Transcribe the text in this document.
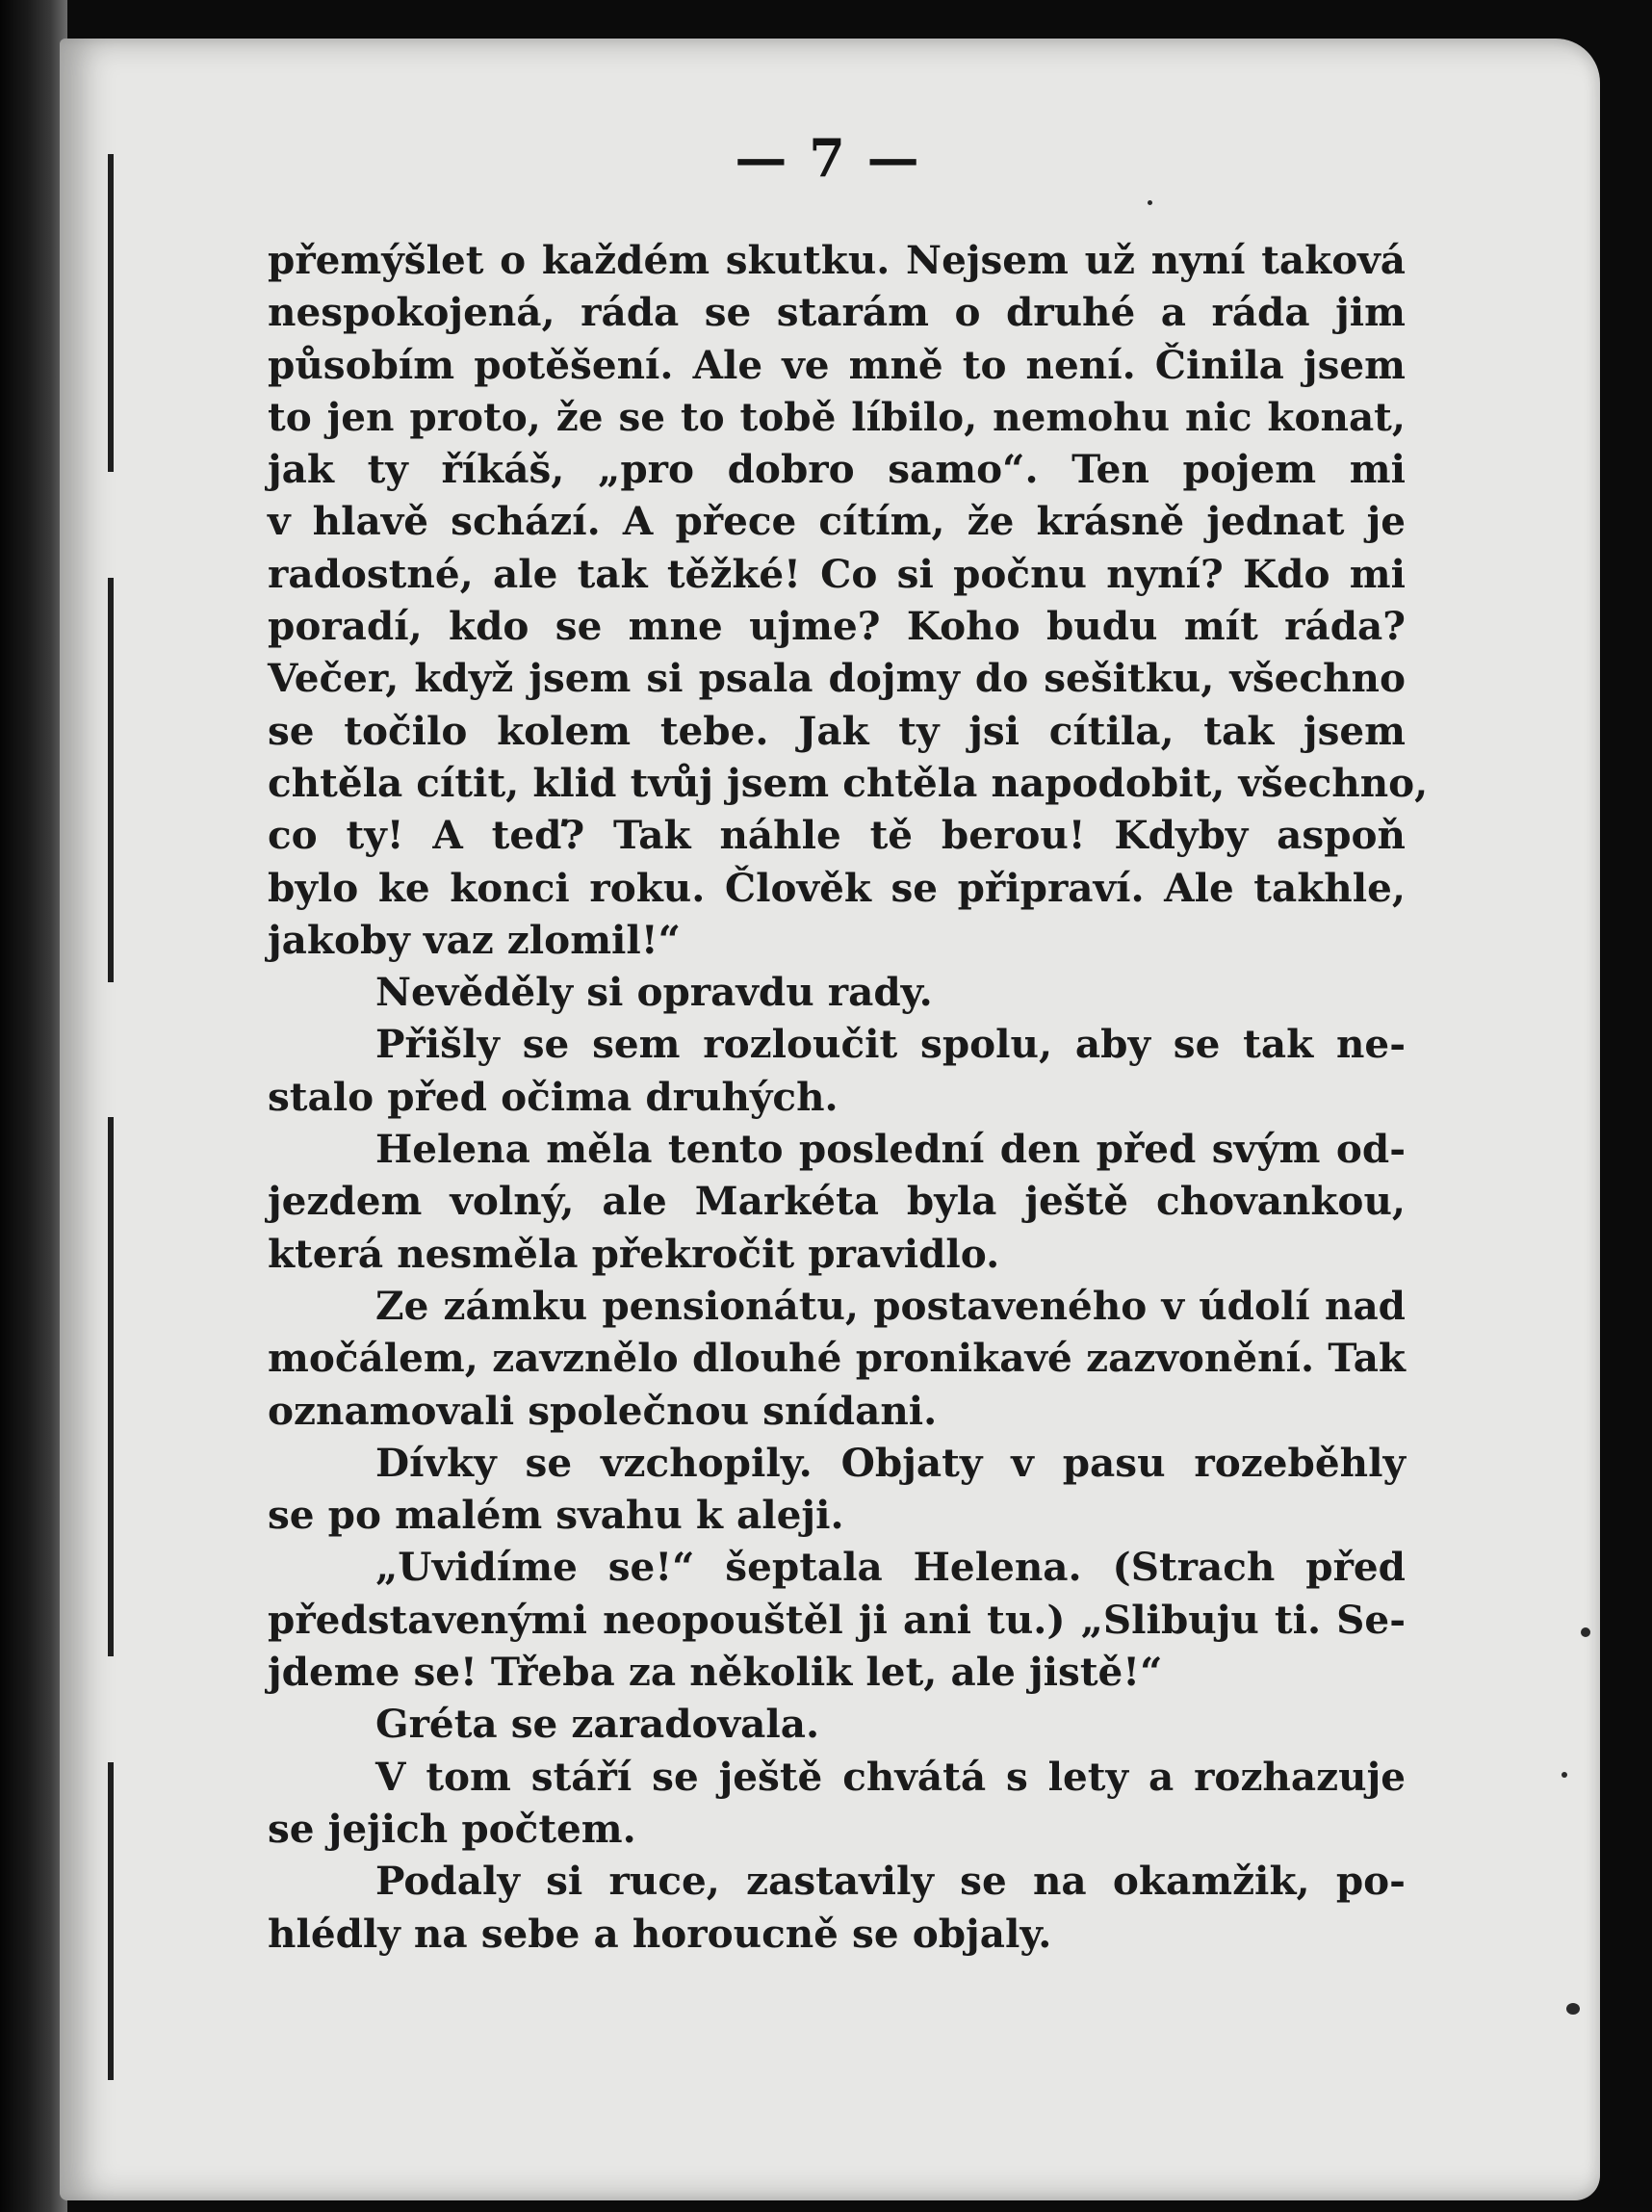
— 7 —
přemýšlet o každém skutku. Nejsem už nyní taková
nespokojená, ráda se starám o druhé a ráda jim
působím potěšení. Ale ve mně to není. Činila jsem
to jen proto, že se to tobě líbilo, nemohu nic konat,
jak ty říkáš, „pro dobro samo“. Ten pojem mi
v hlavě schází. A přece cítím, že krásně jednat je
radostné, ale tak těžké! Co si počnu nyní? Kdo mi
poradí, kdo se mne ujme? Koho budu mít ráda?
Večer, když jsem si psala dojmy do sešitku, všechno
se točilo kolem tebe. Jak ty jsi cítila, tak jsem
chtěla cítit, klid tvůj jsem chtěla napodobit, všechno,
co ty! A teď? Tak náhle tě berou! Kdyby aspoň
bylo ke konci roku. Člověk se připraví. Ale takhle,
jakoby vaz zlomil!“
Nevěděly si opravdu rady.
Přišly se sem rozloučit spolu, aby se tak ne-
stalo před očima druhých.
Helena měla tento poslední den před svým od-
jezdem volný, ale Markéta byla ještě chovankou,
která nesměla překročit pravidlo.
Ze zámku pensionátu, postaveného v údolí nad
močálem, zavznělo dlouhé pronikavé zazvonění. Tak
oznamovali společnou snídani.
Dívky se vzchopily. Objaty v pasu rozeběhly
se po malém svahu k aleji.
„Uvidíme se!“ šeptala Helena. (Strach před
představenými neopouštěl ji ani tu.) „Slibuju ti. Se-
jdeme se! Třeba za několik let, ale jistě!“
Gréta se zaradovala.
V tom stáří se ještě chvátá s lety a rozhazuje
se jejich počtem.
Podaly si ruce, zastavily se na okamžik, po-
hlédly na sebe a horoucně se objaly.
